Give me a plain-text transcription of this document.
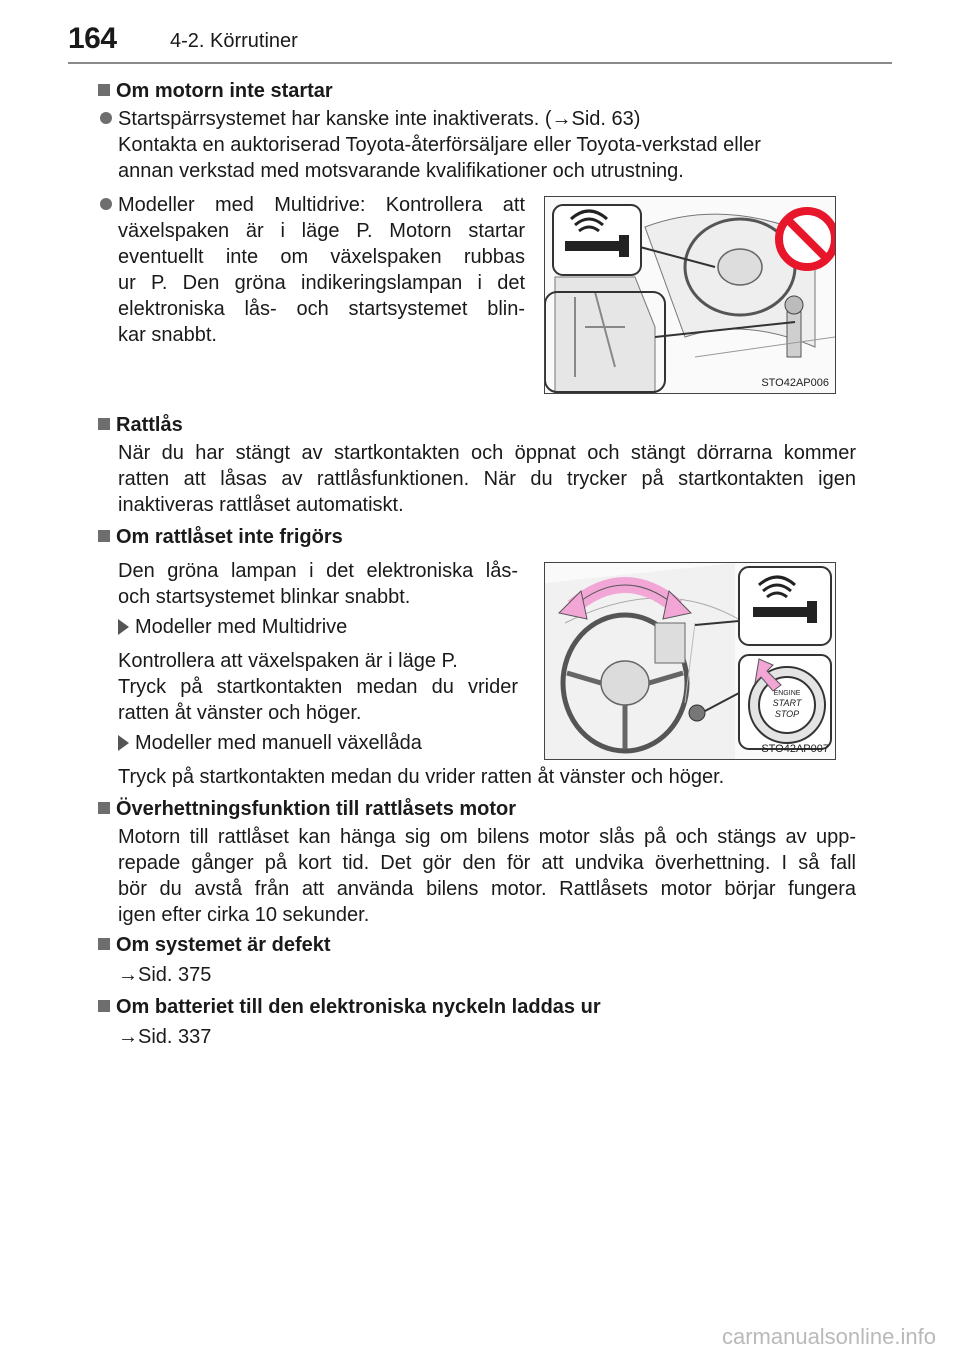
164	4-2. Körrutiner
Om motorn inte startar
Startspärrsystemet har kanske inte inaktiverats. (→Sid. 63)
Kontakta en auktoriserad Toyota-återförsäljare eller Toyota-verkstad eller
annan verkstad med motsvarande kvalifikationer och utrustning.
Modeller med Multidrive: Kontrollera att
växelspaken är i läge P. Motorn startar
eventuellt inte om växelspaken rubbas
ur P. Den gröna indikeringslampan i det
elektroniska lås- och startsystemet blin-
kar snabbt.
STO42AP006
Rattlås
När du har stängt av startkontakten och öppnat och stängt dörrarna kommer
ratten att låsas av rattlåsfunktionen. När du trycker på startkontakten igen
inaktiveras rattlåset automatiskt.
Om rattlåset inte frigörs
Den gröna lampan i det elektroniska lås-
och startsystemet blinkar snabbt.
Modeller med Multidrive
Kontrollera att växelspaken är i läge P.
Tryck på startkontakten medan du vrider
ratten åt vänster och höger.
Modeller med manuell växellåda
Tryck på startkontakten medan du vrider ratten åt vänster och höger.
ENGINE
START
STOP
STO42AP007
Överhettningsfunktion till rattlåsets motor
Motorn till rattlåset kan hänga sig om bilens motor slås på och stängs av upp-
repade gånger på kort tid. Det gör den för att undvika överhettning. I så fall
bör du avstå från att använda bilens motor. Rattlåsets motor börjar fungera
igen efter cirka 10 sekunder.
Om systemet är defekt
→Sid. 375
Om batteriet till den elektroniska nyckeln laddas ur
→Sid. 337
carmanualsonline.info
